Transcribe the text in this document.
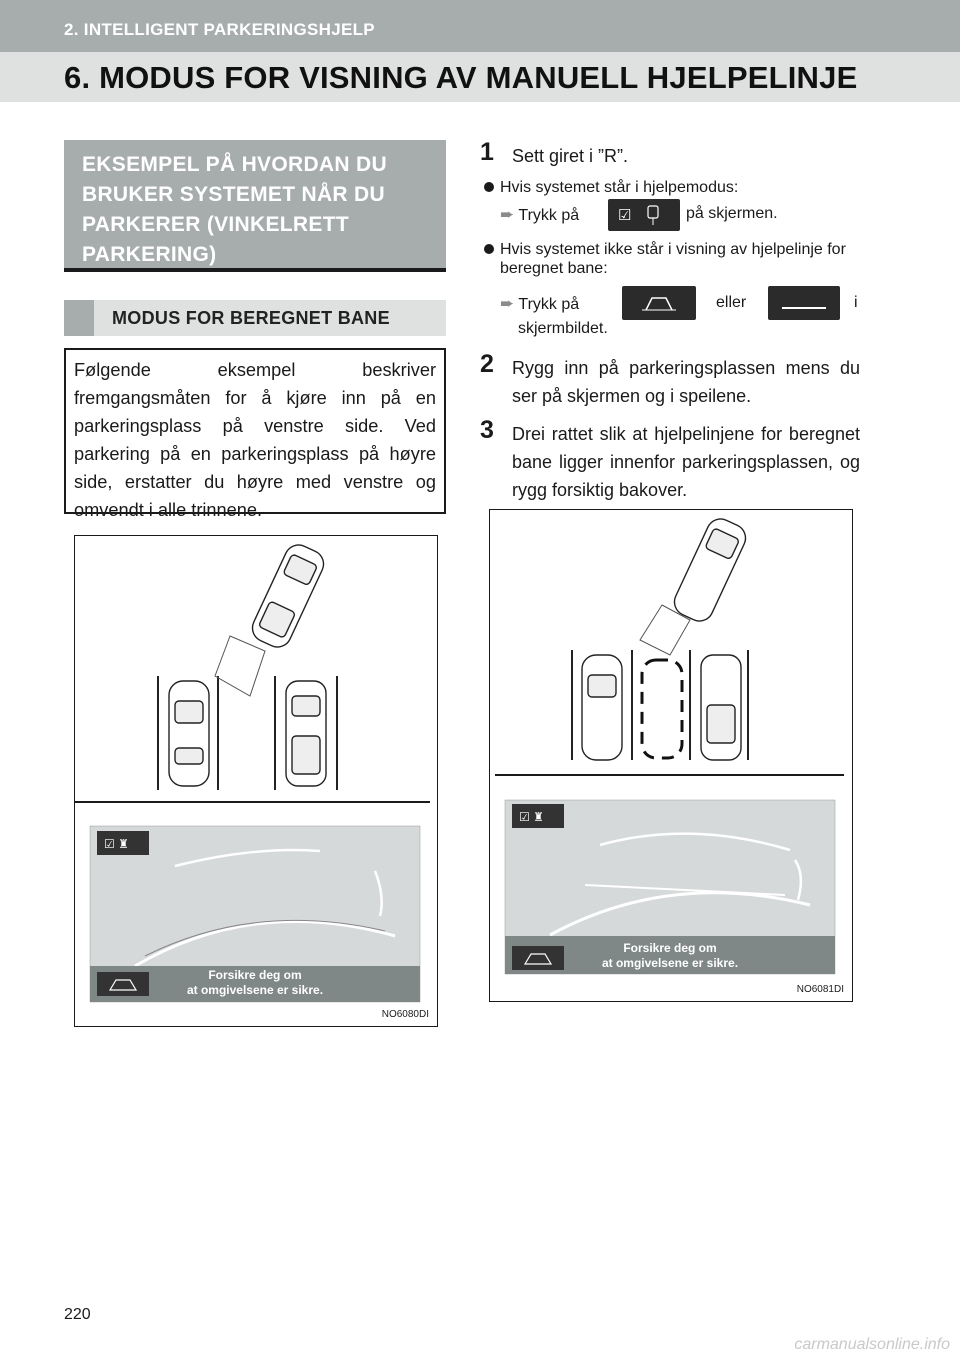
2. INTELLIGENT PARKERINGSHJELP
6. MODUS FOR VISNING AV MANUELL HJELPELINJE
EKSEMPEL PÅ HVORDAN DU BRUKER SYSTEMET NÅR DU PARKERER (VINKELRETT PARKERING)
MODUS FOR BEREGNET BANE

Følgende eksempel beskriver fremgangsmåten for å kjøre inn på en parkeringsplass på venstre side. Ved parkering på en parkeringsplass på høyre side, erstatter du høyre med venstre og omvendt i alle trinnene.

☑ ♜
Forsikre deg om
at omgivelsene er sikre.
NO6080DI
1 Sett giret i ”R”.
Hvis systemet står i hjelpemodus:
➨ Trykk på	☑	på skjermen.
Hvis systemet ikke står i visning av hjelpelinje for beregnet bane:
➨ Trykk på	eller	i
skjermbildet.
2 Rygg inn på parkeringsplassen mens du ser på skjermen og i speilene.
3 Drei rattet slik at hjelpelinjene for beregnet bane ligger innenfor parkeringsplassen, og rygg forsiktig bakover.
☑ ♜
Forsikre deg om
at omgivelsene er sikre.
NO6081DI
220
carmanualsonline.info
